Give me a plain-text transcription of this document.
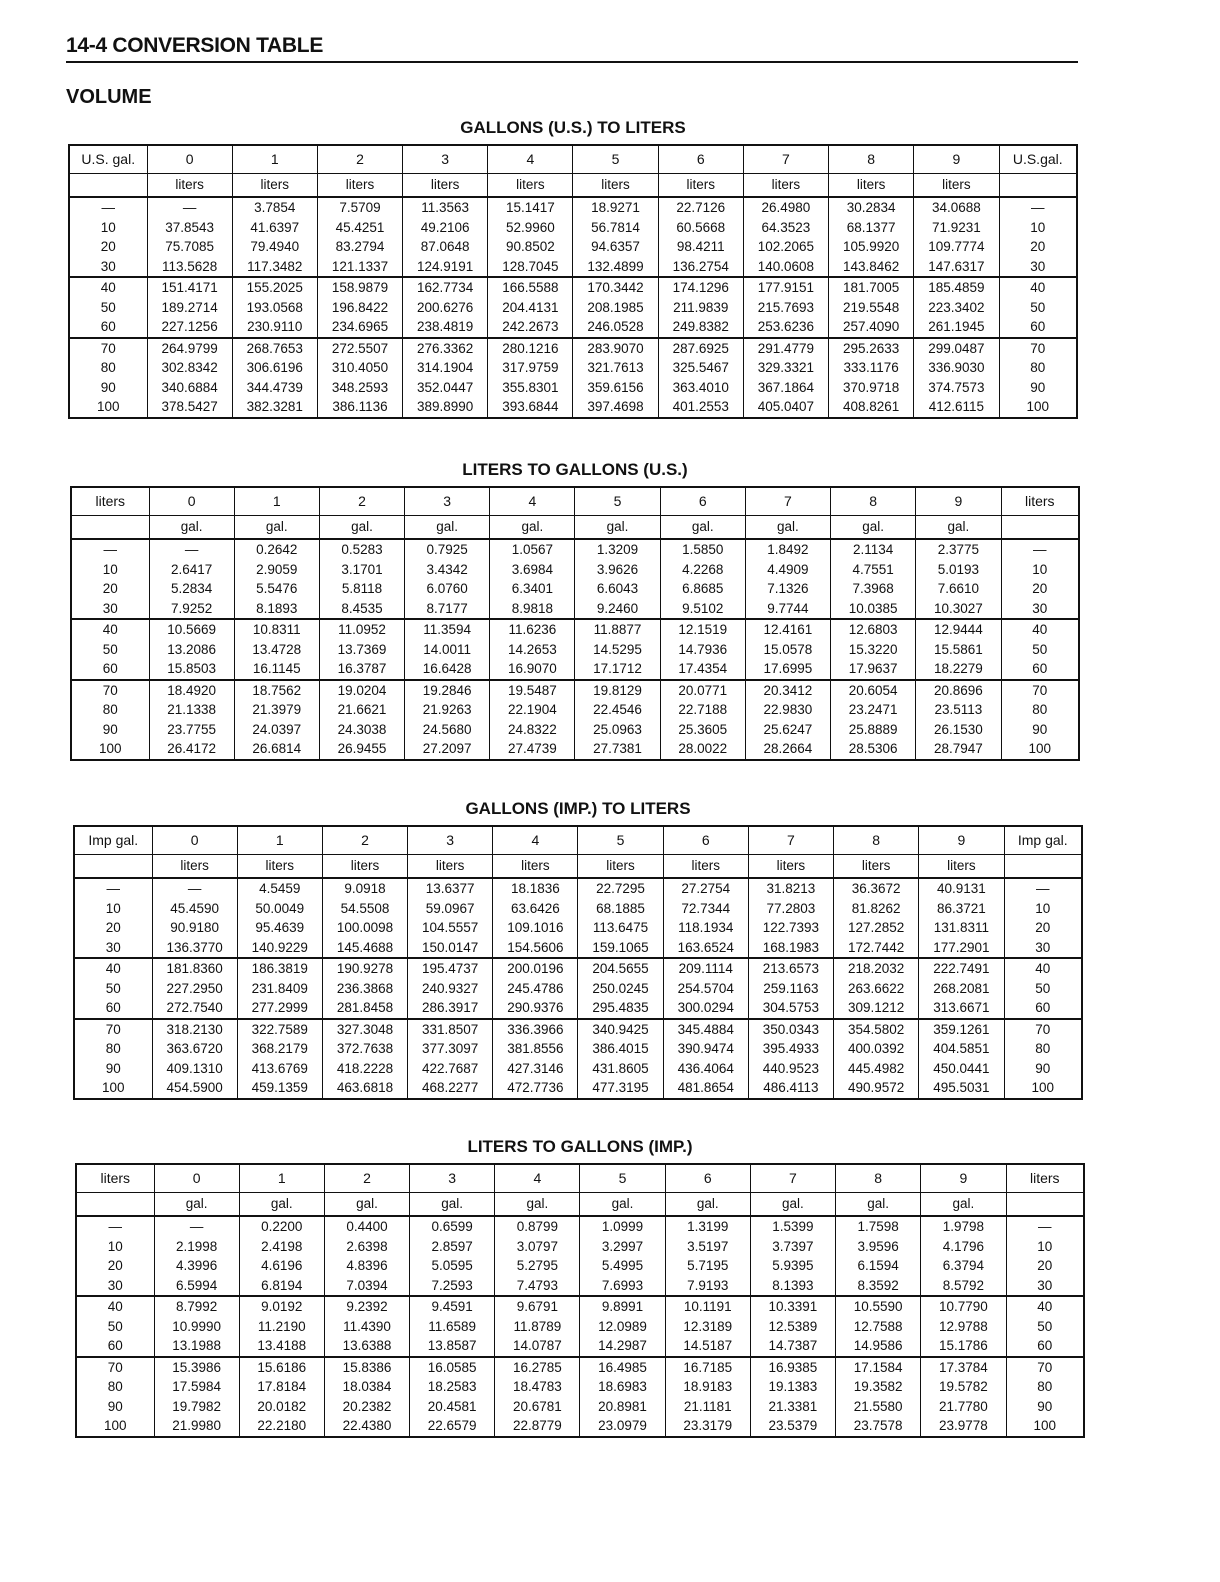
14-4 CONVERSION TABLE
VOLUME
GALLONS (U.S.) TO LITERS
U.S. gal.	0	1	2	3	4	5	6	7	8	9	U.S.gal.
	liters	liters	liters	liters	liters	liters	liters	liters	liters	liters	
—	—	3.7854	7.5709	11.3563	15.1417	18.9271	22.7126	26.4980	30.2834	34.0688	—
10	37.8543	41.6397	45.4251	49.2106	52.9960	56.7814	60.5668	64.3523	68.1377	71.9231	10
20	75.7085	79.4940	83.2794	87.0648	90.8502	94.6357	98.4211	102.2065	105.9920	109.7774	20
30	113.5628	117.3482	121.1337	124.9191	128.7045	132.4899	136.2754	140.0608	143.8462	147.6317	30
40	151.4171	155.2025	158.9879	162.7734	166.5588	170.3442	174.1296	177.9151	181.7005	185.4859	40
50	189.2714	193.0568	196.8422	200.6276	204.4131	208.1985	211.9839	215.7693	219.5548	223.3402	50
60	227.1256	230.9110	234.6965	238.4819	242.2673	246.0528	249.8382	253.6236	257.4090	261.1945	60
70	264.9799	268.7653	272.5507	276.3362	280.1216	283.9070	287.6925	291.4779	295.2633	299.0487	70
80	302.8342	306.6196	310.4050	314.1904	317.9759	321.7613	325.5467	329.3321	333.1176	336.9030	80
90	340.6884	344.4739	348.2593	352.0447	355.8301	359.6156	363.4010	367.1864	370.9718	374.7573	90
100	378.5427	382.3281	386.1136	389.8990	393.6844	397.4698	401.2553	405.0407	408.8261	412.6115	100
LITERS TO GALLONS (U.S.)
liters	0	1	2	3	4	5	6	7	8	9	liters
	gal.	gal.	gal.	gal.	gal.	gal.	gal.	gal.	gal.	gal.	
—	—	0.2642	0.5283	0.7925	1.0567	1.3209	1.5850	1.8492	2.1134	2.3775	—
10	2.6417	2.9059	3.1701	3.4342	3.6984	3.9626	4.2268	4.4909	4.7551	5.0193	10
20	5.2834	5.5476	5.8118	6.0760	6.3401	6.6043	6.8685	7.1326	7.3968	7.6610	20
30	7.9252	8.1893	8.4535	8.7177	8.9818	9.2460	9.5102	9.7744	10.0385	10.3027	30
40	10.5669	10.8311	11.0952	11.3594	11.6236	11.8877	12.1519	12.4161	12.6803	12.9444	40
50	13.2086	13.4728	13.7369	14.0011	14.2653	14.5295	14.7936	15.0578	15.3220	15.5861	50
60	15.8503	16.1145	16.3787	16.6428	16.9070	17.1712	17.4354	17.6995	17.9637	18.2279	60
70	18.4920	18.7562	19.0204	19.2846	19.5487	19.8129	20.0771	20.3412	20.6054	20.8696	70
80	21.1338	21.3979	21.6621	21.9263	22.1904	22.4546	22.7188	22.9830	23.2471	23.5113	80
90	23.7755	24.0397	24.3038	24.5680	24.8322	25.0963	25.3605	25.6247	25.8889	26.1530	90
100	26.4172	26.6814	26.9455	27.2097	27.4739	27.7381	28.0022	28.2664	28.5306	28.7947	100
GALLONS (IMP.) TO LITERS
Imp gal.	0	1	2	3	4	5	6	7	8	9	Imp gal.
	liters	liters	liters	liters	liters	liters	liters	liters	liters	liters	
—	—	4.5459	9.0918	13.6377	18.1836	22.7295	27.2754	31.8213	36.3672	40.9131	—
10	45.4590	50.0049	54.5508	59.0967	63.6426	68.1885	72.7344	77.2803	81.8262	86.3721	10
20	90.9180	95.4639	100.0098	104.5557	109.1016	113.6475	118.1934	122.7393	127.2852	131.8311	20
30	136.3770	140.9229	145.4688	150.0147	154.5606	159.1065	163.6524	168.1983	172.7442	177.2901	30
40	181.8360	186.3819	190.9278	195.4737	200.0196	204.5655	209.1114	213.6573	218.2032	222.7491	40
50	227.2950	231.8409	236.3868	240.9327	245.4786	250.0245	254.5704	259.1163	263.6622	268.2081	50
60	272.7540	277.2999	281.8458	286.3917	290.9376	295.4835	300.0294	304.5753	309.1212	313.6671	60
70	318.2130	322.7589	327.3048	331.8507	336.3966	340.9425	345.4884	350.0343	354.5802	359.1261	70
80	363.6720	368.2179	372.7638	377.3097	381.8556	386.4015	390.9474	395.4933	400.0392	404.5851	80
90	409.1310	413.6769	418.2228	422.7687	427.3146	431.8605	436.4064	440.9523	445.4982	450.0441	90
100	454.5900	459.1359	463.6818	468.2277	472.7736	477.3195	481.8654	486.4113	490.9572	495.5031	100
LITERS TO GALLONS (IMP.)
liters	0	1	2	3	4	5	6	7	8	9	liters
	gal.	gal.	gal.	gal.	gal.	gal.	gal.	gal.	gal.	gal.	
—	—	0.2200	0.4400	0.6599	0.8799	1.0999	1.3199	1.5399	1.7598	1.9798	—
10	2.1998	2.4198	2.6398	2.8597	3.0797	3.2997	3.5197	3.7397	3.9596	4.1796	10
20	4.3996	4.6196	4.8396	5.0595	5.2795	5.4995	5.7195	5.9395	6.1594	6.3794	20
30	6.5994	6.8194	7.0394	7.2593	7.4793	7.6993	7.9193	8.1393	8.3592	8.5792	30
40	8.7992	9.0192	9.2392	9.4591	9.6791	9.8991	10.1191	10.3391	10.5590	10.7790	40
50	10.9990	11.2190	11.4390	11.6589	11.8789	12.0989	12.3189	12.5389	12.7588	12.9788	50
60	13.1988	13.4188	13.6388	13.8587	14.0787	14.2987	14.5187	14.7387	14.9586	15.1786	60
70	15.3986	15.6186	15.8386	16.0585	16.2785	16.4985	16.7185	16.9385	17.1584	17.3784	70
80	17.5984	17.8184	18.0384	18.2583	18.4783	18.6983	18.9183	19.1383	19.3582	19.5782	80
90	19.7982	20.0182	20.2382	20.4581	20.6781	20.8981	21.1181	21.3381	21.5580	21.7780	90
100	21.9980	22.2180	22.4380	22.6579	22.8779	23.0979	23.3179	23.5379	23.7578	23.9778	100
